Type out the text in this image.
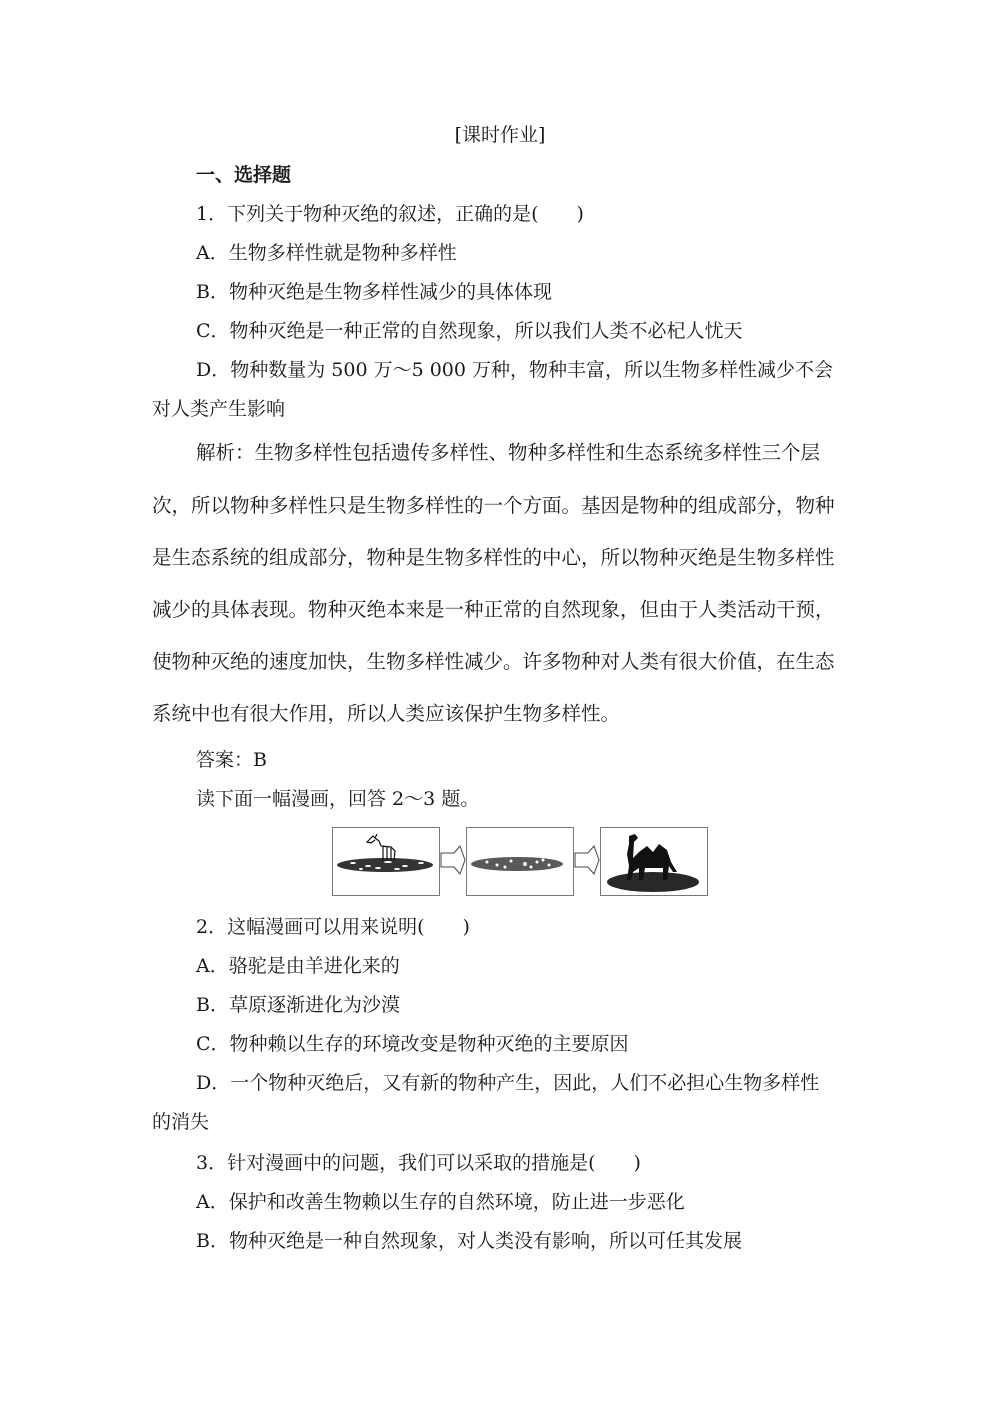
[课时作业]
一、选择题
1．下列关于物种灭绝的叙述，正确的是(　　)
A．生物多样性就是物种多样性
B．物种灭绝是生物多样性减少的具体体现
C．物种灭绝是一种正常的自然现象，所以我们人类不必杞人忧天
D．物种数量为 500 万～5 000 万种，物种丰富，所以生物多样性减少不会
对人类产生影响
解析：生物多样性包括遗传多样性、物种多样性和生态系统多样性三个层
次，所以物种多样性只是生物多样性的一个方面。基因是物种的组成部分，物种
是生态系统的组成部分，物种是生物多样性的中心，所以物种灭绝是生物多样性
减少的具体表现。物种灭绝本来是一种正常的自然现象，但由于人类活动干预，
使物种灭绝的速度加快，生物多样性减少。许多物种对人类有很大价值，在生态
系统中也有很大作用，所以人类应该保护生物多样性。
答案：B
读下面一幅漫画，回答 2～3 题。
2．这幅漫画可以用来说明(　　)
A．骆驼是由羊进化来的
B．草原逐渐进化为沙漠
C．物种赖以生存的环境改变是物种灭绝的主要原因
D．一个物种灭绝后，又有新的物种产生，因此，人们不必担心生物多样性
的消失
3．针对漫画中的问题，我们可以采取的措施是(　　)
A．保护和改善生物赖以生存的自然环境，防止进一步恶化
B．物种灭绝是一种自然现象，对人类没有影响，所以可任其发展
